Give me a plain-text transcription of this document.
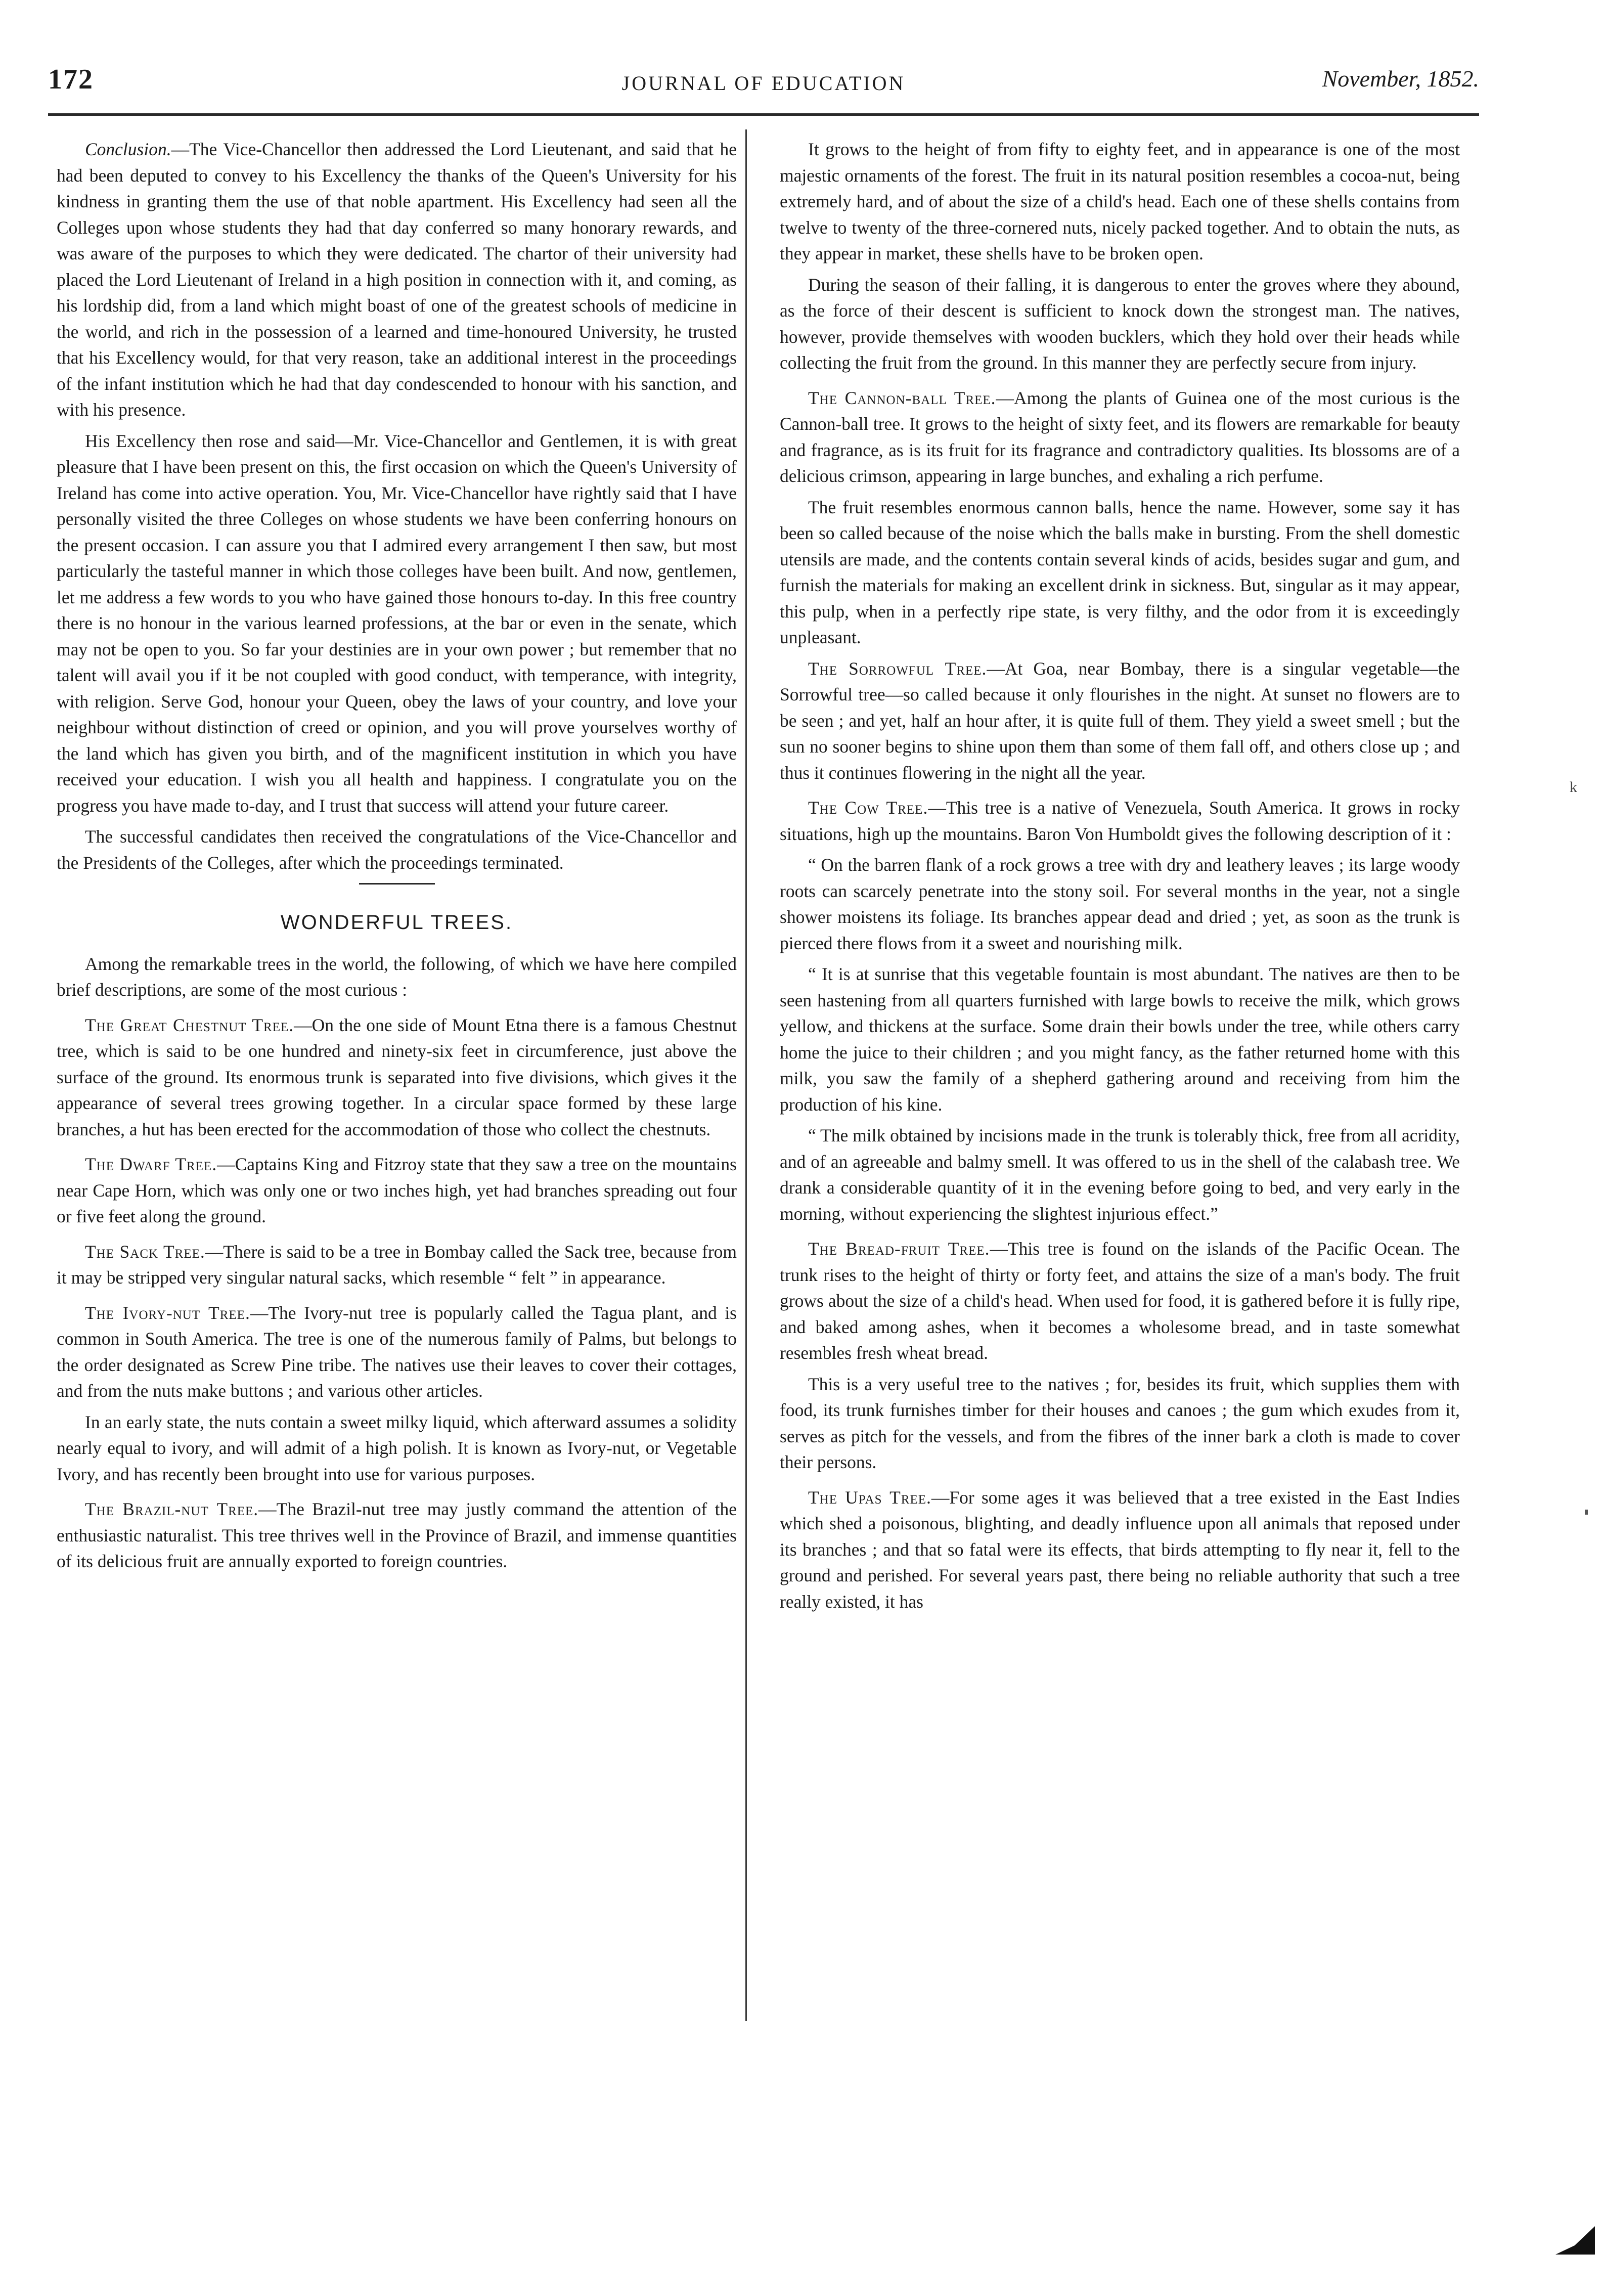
172	JOURNAL OF EDUCATION	November, 1852.

Conclusion.—The Vice-Chancellor then addressed the Lord Lieutenant, and said that he had been deputed to convey to his Excellency the thanks of the Queen's University for his kindness in granting them the use of that noble apartment. His Excellency had seen all the Colleges upon whose students they had that day conferred so many honorary rewards, and was aware of the purposes to which they were dedicated. The chartor of their university had placed the Lord Lieutenant of Ireland in a high position in connection with it, and coming, as his lordship did, from a land which might boast of one of the greatest schools of medicine in the world, and rich in the possession of a learned and time-honoured University, he trusted that his Excellency would, for that very reason, take an additional interest in the proceedings of the infant institution which he had that day condescended to honour with his sanction, and with his presence.

His Excellency then rose and said—Mr. Vice-Chancellor and Gentlemen, it is with great pleasure that I have been present on this, the first occasion on which the Queen's University of Ireland has come into active operation. You, Mr. Vice-Chancellor have rightly said that I have personally visited the three Colleges on whose students we have been conferring honours on the present occasion. I can assure you that I admired every arrangement I then saw, but most particularly the tasteful manner in which those colleges have been built. And now, gentlemen, let me address a few words to you who have gained those honours to-day. In this free country there is no honour in the various learned professions, at the bar or even in the senate, which may not be open to you. So far your destinies are in your own power ; but remember that no talent will avail you if it be not coupled with good conduct, with temperance, with integrity, with religion. Serve God, honour your Queen, obey the laws of your country, and love your neighbour without distinction of creed or opinion, and you will prove yourselves worthy of the land which has given you birth, and of the magnificent institution in which you have received your education. I wish you all health and happiness. I congratulate you on the progress you have made to-day, and I trust that success will attend your future career.

The successful candidates then received the congratulations of the Vice-Chancellor and the Presidents of the Colleges, after which the proceedings terminated.

WONDERFUL TREES.

Among the remarkable trees in the world, the following, of which we have here compiled brief descriptions, are some of the most curious :

The Great Chestnut Tree.—On the one side of Mount Etna there is a famous Chestnut tree, which is said to be one hundred and ninety-six feet in circumference, just above the surface of the ground. Its enormous trunk is separated into five divisions, which gives it the appearance of several trees growing together. In a circular space formed by these large branches, a hut has been erected for the accommodation of those who collect the chestnuts.

The Dwarf Tree.—Captains King and Fitzroy state that they saw a tree on the mountains near Cape Horn, which was only one or two inches high, yet had branches spreading out four or five feet along the ground.

The Sack Tree.—There is said to be a tree in Bombay called the Sack tree, because from it may be stripped very singular natural sacks, which resemble “ felt ” in appearance.

The Ivory-nut Tree.—The Ivory-nut tree is popularly called the Tagua plant, and is common in South America. The tree is one of the numerous family of Palms, but belongs to the order designated as Screw Pine tribe. The natives use their leaves to cover their cottages, and from the nuts make buttons ; and various other articles.

In an early state, the nuts contain a sweet milky liquid, which afterward assumes a solidity nearly equal to ivory, and will admit of a high polish. It is known as Ivory-nut, or Vegetable Ivory, and has recently been brought into use for various purposes.

The Brazil-nut Tree.—The Brazil-nut tree may justly command the attention of the enthusiastic naturalist. This tree thrives well in the Province of Brazil, and immense quantities of its delicious fruit are annually exported to foreign countries.

It grows to the height of from fifty to eighty feet, and in appearance is one of the most majestic ornaments of the forest. The fruit in its natural position resembles a cocoa-nut, being extremely hard, and of about the size of a child's head. Each one of these shells contains from twelve to twenty of the three-cornered nuts, nicely packed together. And to obtain the nuts, as they appear in market, these shells have to be broken open.

During the season of their falling, it is dangerous to enter the groves where they abound, as the force of their descent is sufficient to knock down the strongest man. The natives, however, provide themselves with wooden bucklers, which they hold over their heads while collecting the fruit from the ground. In this manner they are perfectly secure from injury.

The Cannon-ball Tree.—Among the plants of Guinea one of the most curious is the Cannon-ball tree. It grows to the height of sixty feet, and its flowers are remarkable for beauty and fragrance, as is its fruit for its fragrance and contradictory qualities. Its blossoms are of a delicious crimson, appearing in large bunches, and exhaling a rich perfume.

The fruit resembles enormous cannon balls, hence the name. However, some say it has been so called because of the noise which the balls make in bursting. From the shell domestic utensils are made, and the contents contain several kinds of acids, besides sugar and gum, and furnish the materials for making an excellent drink in sickness. But, singular as it may appear, this pulp, when in a perfectly ripe state, is very filthy, and the odor from it is exceedingly unpleasant.

The Sorrowful Tree.—At Goa, near Bombay, there is a singular vegetable—the Sorrowful tree—so called because it only flourishes in the night. At sunset no flowers are to be seen ; and yet, half an hour after, it is quite full of them. They yield a sweet smell ; but the sun no sooner begins to shine upon them than some of them fall off, and others close up ; and thus it continues flowering in the night all the year.

The Cow Tree.—This tree is a native of Venezuela, South America. It grows in rocky situations, high up the mountains. Baron Von Humboldt gives the following description of it :

“ On the barren flank of a rock grows a tree with dry and leathery leaves ; its large woody roots can scarcely penetrate into the stony soil. For several months in the year, not a single shower moistens its foliage. Its branches appear dead and dried ; yet, as soon as the trunk is pierced there flows from it a sweet and nourishing milk.

“ It is at sunrise that this vegetable fountain is most abundant. The natives are then to be seen hastening from all quarters furnished with large bowls to receive the milk, which grows yellow, and thickens at the surface. Some drain their bowls under the tree, while others carry home the juice to their children ; and you might fancy, as the father returned home with this milk, you saw the family of a shepherd gathering around and receiving from him the production of his kine.

“ The milk obtained by incisions made in the trunk is tolerably thick, free from all acridity, and of an agreeable and balmy smell. It was offered to us in the shell of the calabash tree. We drank a considerable quantity of it in the evening before going to bed, and very early in the morning, without experiencing the slightest injurious effect.”

The Bread-fruit Tree.—This tree is found on the islands of the Pacific Ocean. The trunk rises to the height of thirty or forty feet, and attains the size of a man's body. The fruit grows about the size of a child's head. When used for food, it is gathered before it is fully ripe, and baked among ashes, when it becomes a wholesome bread, and in taste somewhat resembles fresh wheat bread.

This is a very useful tree to the natives ; for, besides its fruit, which supplies them with food, its trunk furnishes timber for their houses and canoes ; the gum which exudes from it, serves as pitch for the vessels, and from the fibres of the inner bark a cloth is made to cover their persons.

The Upas Tree.—For some ages it was believed that a tree existed in the East Indies which shed a poisonous, blighting, and deadly influence upon all animals that reposed under its branches ; and that so fatal were its effects, that birds attempting to fly near it, fell to the ground and perished. For several years past, there being no reliable authority that such a tree really existed, it has

k
